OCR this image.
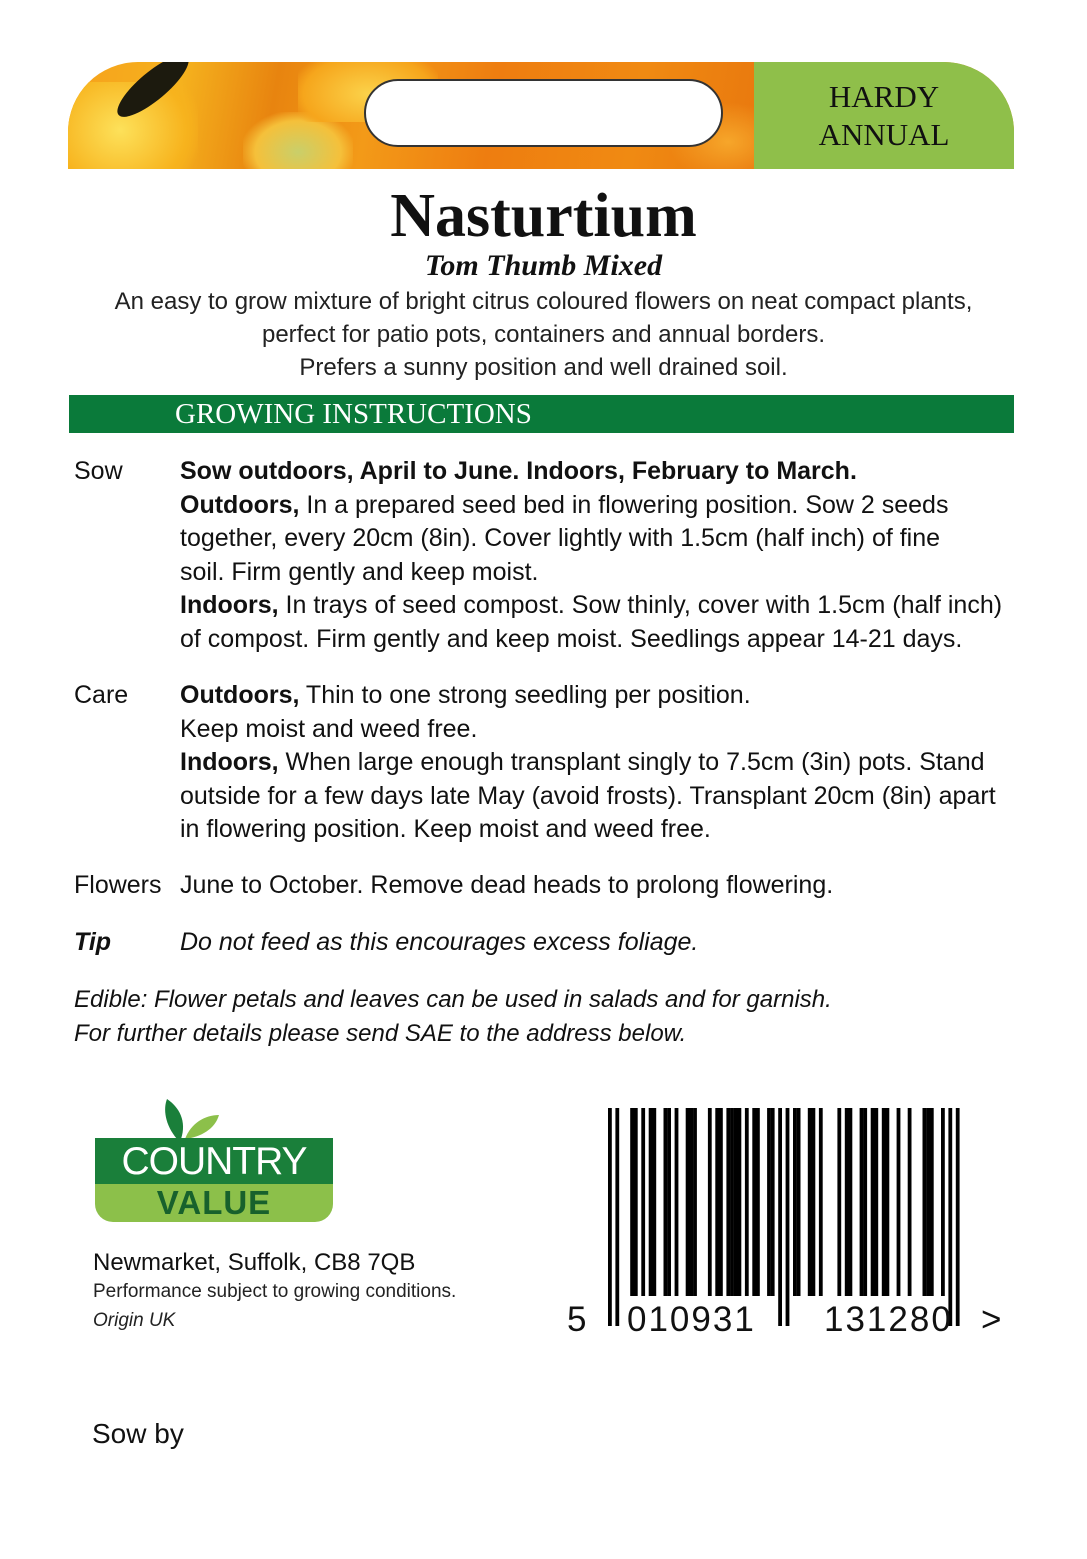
HARDY
ANNUAL
Nasturtium
Tom Thumb Mixed
An easy to grow mixture of bright citrus coloured flowers on neat compact plants,
perfect for patio pots, containers and annual borders.
Prefers a sunny position and well drained soil.
GROWING INSTRUCTIONS
Sow Sow outdoors, April to June. Indoors, February to March.
Outdoors, In a prepared seed bed in flowering position. Sow 2 seeds
together, every 20cm (8in). Cover lightly with 1.5cm (half inch) of fine
soil. Firm gently and keep moist.
Indoors, In trays of seed compost. Sow thinly, cover with 1.5cm (half inch)
of compost. Firm gently and keep moist. Seedlings appear 14-21 days.
Care Outdoors, Thin to one strong seedling per position.
Keep moist and weed free.
Indoors, When large enough transplant singly to 7.5cm (3in) pots. Stand
outside for a few days late May (avoid frosts). Transplant 20cm (8in) apart
in flowering position. Keep moist and weed free.
Flowers June to October. Remove dead heads to prolong flowering.
Tip	Do not feed as this encourages excess foliage.
Edible: Flower petals and leaves can be used in salads and for garnish.
For further details please send SAE to the address below.
COUNTRY
VALUE
Newmarket, Suffolk, CB8 7QB
Performance subject to growing conditions.
Origin UK
Sow by
5 010931 131280 >
